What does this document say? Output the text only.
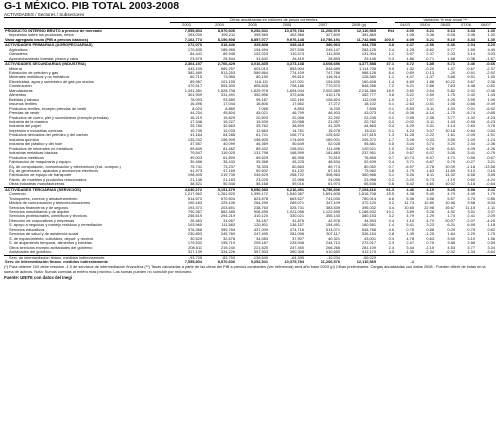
G-1 MÉXICO. PIB TOTAL 2003-2008
ACTIVIDADES / Sectores / Subsectores
	Cifras anualizadas en millones de pesos corrientes							Variación % real anual ***				
	2003	2004	2005	2006	2007	2008 (p)		04/03	05/04	06/05	07/06	08/07
PRODUCTO INTERNO BRUTO a precios de mercado	7,555,804	8,570,606	9,252,541	10,379,784	11,206,576	12,110,565	Est	4.00	3.21	5.13	3.33	1.30
Impuestos sobre los productos, netos	393,030	399,211	395,565	402,966	327,609	381,869		1.08	3.36	6.06	3.46	1.32
Valor agregado bruto (PIB a precios básicos)	7,162,773	8,150,508	8,857,077	9,976,148	10,756,191	11,742,986	100.0	4.09	3.21	5.10	3.33	1.30
ACTIVIDADES PRIMARIAS (AGROPECUARIAS)	272,070	316,446	329,808	349,415	380,963	444,755	3.8	2.47	-2.56	6.36	2.04	3.20
Agricultura	170,835	185,965	194,494	207,536	249,147	283,125	2.4	1.25	-5.62	9.77	1.59	4.49
Ganadería	84,441	89,946	102,023	110,474	111,830	131,904	1.1	3.97	2.37	2.33	3.14	3.03
Aprovechamiento forestal, pesca y caza	23,575	25,544	31,642	26,419	28,893	29,146	0.3	1.86	-0.71	1.68	0.38	-1.57
ACTIVIDADES SECUNDARIAS (INDUSTRIA)	2,364,157	2,766,429	3,016,835	3,373,138	3,608,656	4,377,588	37.1	3.72	1.85	5.71	2.46	-0.66
Minería	443,195	589,257	603,013	853,904	844,689	1,114,706	9.5	1.32	-0.20	1.37	-0.67	-2.37
Extracción de petróleo y gas	382,489	513,253	589,864	774,109	747,786	988,126	8.4	0.69	-0.13	-20	-0.91	-2.92
Minerales metálicos y no metálicos	60,715	73,985	80,150	99,610	116,914	126,580	1.1	4.47	-1.37	3.68	9.91	1.50
Electricidad, agua y suministro de gas por ductos	89,987	101,155	116,111	147,001	154,530	160,408	1.4	4.69	1.88	10.22	3.67	2.36
Construcción	470,517	553,300	605,828	708,186	770,570	846,266	7.2	5.21	2.86	7.63	4.48	-0.82
Manufacturas	1,341,381	1,528,708	1,629,976	1,694,044	2,002,889	2,216,386	18.9	3.60	3.54	5.82	2.02	-0.46
Alimentos	301,909	331,491	352,896	372,646	410,176	452,777	3.8	3.22	2.50	1.75	2.40	1.43
Bebidas y tabaco	78,093	93,580	95,187	102,160	106,824	112,045	1.0	1.27	7.07	4.20	3.95	1.09
Insumos textiles	16,496	17,044	16,806	17,662	17,272	18,102	0.1	-2.63	-0.51	1.06	-0.66	-9.49
Productos textiles, excepto prendas de vestir	8,023	6,860	7,068	8,853	8,230	7,695	0.1	8.53	-0.11	4.53	0.01	-6.52
Prendas de vestir	44,234	45,804	45,021	46,799	46,403	43,073	0.4	-5.06	-4.14	-1.75	-6.74	-9.85
Productos de cuero, piel y sucedáneos (excepto prendas)	18,219	19,829	20,503	22,068	22,292	22,249	0.2	0.95	2.38	3.77	-1.32	-4.23
Industria de la madera	17,348	19,227	19,539	20,088	21,057	20,762	0.2	-0.02	-0.11	1.43	-0.98	-6.23
Industria del papel	29,780	32,663	35,762	38,699	41,325	44,863	0.4	4.29	3.31	4.14	2.83	3.76
Impresión e industrias conexas	10,735	12,033	12,663	14,781	15,078	16,011	0.1	4.23	3.07	10.18	-0.84	0.54
Productos derivados del petróleo y del carbón	41,184	64,288	61,741	106,774	125,642	147,615	1.3	11.28	-2.22	1.61	-2.05	-1.51
Industria química	135,242	156,905	158,609	174,609	189,001	205,372	1.7	3.28	0.33	3.55	1.00	-1.24
Industria del plástico y del hule	37,557	40,099	46,369	50,649	52,028	55,881	0.5	3.04	3.74	3.20	2.44	-2.36
Productos de minerales no metálicos	69,849	81,462	89,432	108,541	111,496	120,021	1.0	5.62	6.28	6.81	4.09	-4.26
Industrias metálicas básicas	79,547	119,025	131,798	168,599	181,883	237,951	2.0	9.67	6.07	3.05	3.41	-0.79
Productos metálicos	49,003	61,809	69,629	66,398	70,519	76,669	0.7	10.74	8.57	4.71	0.56	-0.67
Fabricación de maquinaria y equipo	30,486	35,433	39,368	45,225	48,534	52,639	0.4	3.71	6.67	6.79	-0.27	3.21
Eq. de computación, comunicación y electrónicos (incl. compon.)	75,741	73,237	78,333	80,663	89,774	80,052	0.7	-6.97	-3.78	10.09	-1.18	-13.58
Eq. de generación, aparatos y accesorios eléctricos	41,973	47,169	50,602	61,132	67,415	73,062	0.6	1.79	1.63	11.59	3.10	0.16
Fabricación de equipo de transporte	198,405	219,735	245,529	258,722	308,963	360,966	3.1	5.26	6.11	14.32	6.58	3.55
Fabric. de muebles y productos relacionados	21,146	21,183	23,025	22,988	24,056	23,968	0.2	-3.20	6.73	-1.19	0.60	-4.24
Otras industrias manufactureras	38,521	50,346	55,168	59,016	61,974	65,536	0.6	5.42	4.60	10.02	3.18	-0.64
ACTIVIDADES TERCIARIAS (SERVICIOS)	4,640,272	5,151,379	5,650,083	6,216,491	6,756,606	7,193,616	61.3	4.46	4.19	5.25	3.98	2.11
Comercio	1,217,562	1,261,520	1,399,172	1,540,387	1,691,608	1,816,708	15.5	4.38	5.40	4.79	4.49	1.79
Transportes, correos y almacenamiento	514,670	570,504	623,878	663,527	741,030	780,014	6.6	5.36	3.58	5.57	3.75	0.86
Medios de comunicación y telecomunicaciones	190,183	225,106	264,290	289,071	347,109	372,120	3.2	11.74	12.80	10.96	9.58	8.04
Servicios financieros y de seguros	193,371	203,651	238,763	325,731	383,539	395,032	3.4	10.65	22.98	16.67	11.15	-1.11
Servicios inmobiliarios y de alquiler	790,357	862,485	908,495	1,021,056	1,122,695	1,186,532	10.1	3.89	3.26	4.92	3.51	3.37
Servicios profesionales, científicos y técnicos	256,619	294,219	310,120	330,021	355,143	380,153	3.2	4.79	1.29	1.74	2.41	2.09
Dirección de corporativos y empresas	26,463	31,067	34,187	41,876	42,978	44,593	0.4	1.10	4.70	20.07	-2.07	-4.20
S. apoyo a negocios y manejo residuos y remediación	103,965	111,583	120,801	136,157	154,491	160,581	1.4	5.41	3.23	6.31	6.99	1.18
Servicios educativos	376,368	399,784	437,009	474,716	513,071	545,768	4.6	0.76	0.88	0.09	0.75	0.62
Servicios de salud y de asistencia social	230,853	245,769	247,495	281,096	307,117	326,154	2.8	1.45	-1.25	1.64	2.29	1.75
S. de esparcimiento, culturales, deport. y recreat.	30,529	32,578	34,083	37,907	40,321	43,001	0.4	4.78	0.63	3.50	3.10	1.56
S. de alojamiento temporal, alimentos y bebidas	179,532	195,719	209,187	225,946	244,713	272,017	2.3	2.47	0.75	3.86	2.58	0.59
Otros servicios excepto actividades del gobierno	208,611	219,240	221,525	247,450	266,266	281,109	2.4	3.44	-1.15	4.53	3.77	3.34
Actividades del gobierno	317,139	334,226	357,503	380,308	410,655	412,173	3.5	-1.35	-2.34	-0.32	1.34	-3.64
Serv. de intermediación financ. medidos indirectamente	-93,725	-83,753	-139,649	-64,395	-10,034	-69,029						
Serv. de intermediación financ. medidos indirectamente	7,555,804	8,570,606	9,252,541	10,379,784	11,206,576	12,110,565		-1				
(*) Para obtener 100 debe restarse -1.0 de servicios de intermediación financiera (**) Tasas calculadas a partir de las cifras del PIB a precios constantes (ver referencia) será año base 2003 (p) Cifras preliminares. Cargas anualizadas con datos 2008 - Pueden diferir de estas en la suma de activos. Nota: Sumas corridas al entero más próximo. Las sumas pueden no coincidir por redondeo.
Fuente: UNITE con datos del Inegi
